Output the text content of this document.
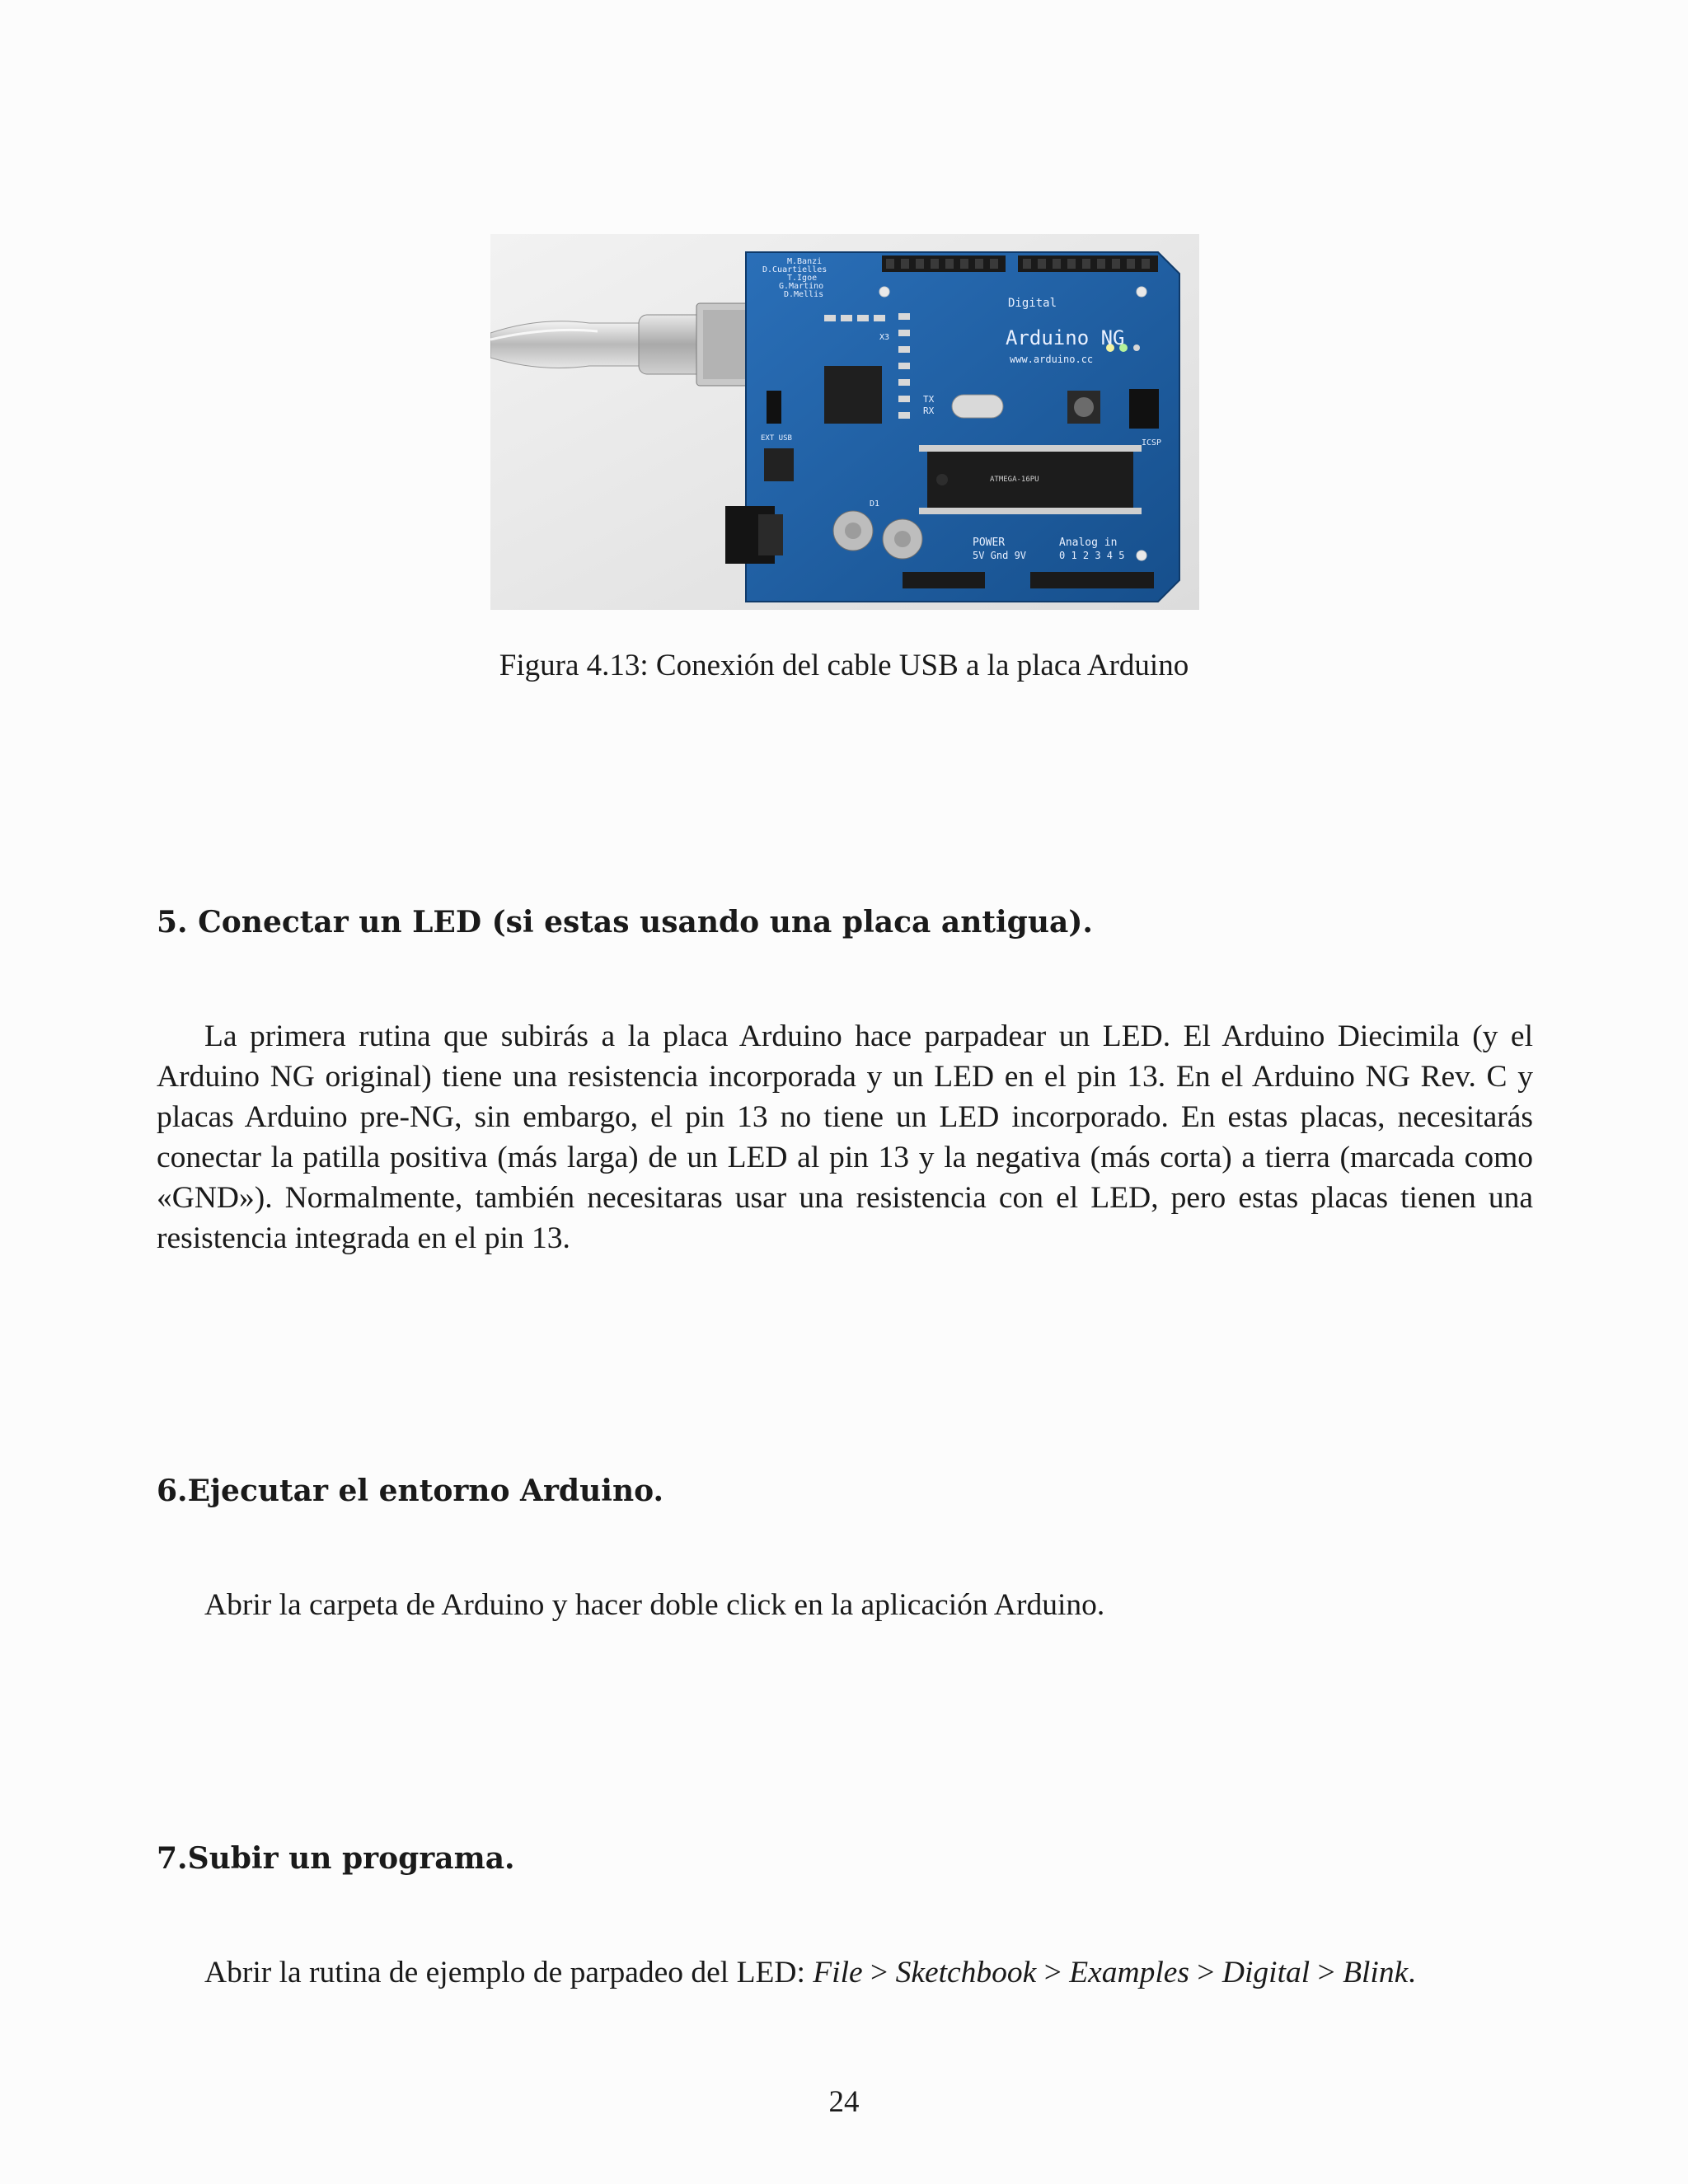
M.Banzi
D.Cuartielles
T.Igoe
G.Martino
D.Mellis
Arduino NG
www.arduino.cc
Digital
POWER
5V Gnd 9V
Analog in
0 1 2 3 4 5
ICSP
EXT USB
ATMEGA-16PU
TX
RX
X3
D1
Figura 4.13: Conexión del cable USB a la placa Arduino
5. Conectar un LED (si estas usando una placa antigua).

La primera rutina que subirás a la placa Arduino hace parpadear un LED. El Arduino Diecimila (y el Arduino NG original) tiene una resistencia incorporada y un LED en el pin 13. En el Arduino NG Rev. C y placas Arduino pre-NG, sin embargo, el pin 13 no tiene un LED incorporado. En estas placas, necesitarás conectar la patilla positiva (más larga) de un LED al pin 13 y la negativa (más corta) a tierra (marcada como «GND»). Normalmente, también necesitaras usar una resistencia con el LED, pero estas placas tienen una resistencia integrada en el pin 13.

6.Ejecutar el entorno Arduino.

Abrir la carpeta de Arduino y hacer doble click en la aplicación Arduino.

7.Subir un programa.

Abrir la rutina de ejemplo de parpadeo del LED: File > Sketchbook > Examples > Digital > Blink.

24
